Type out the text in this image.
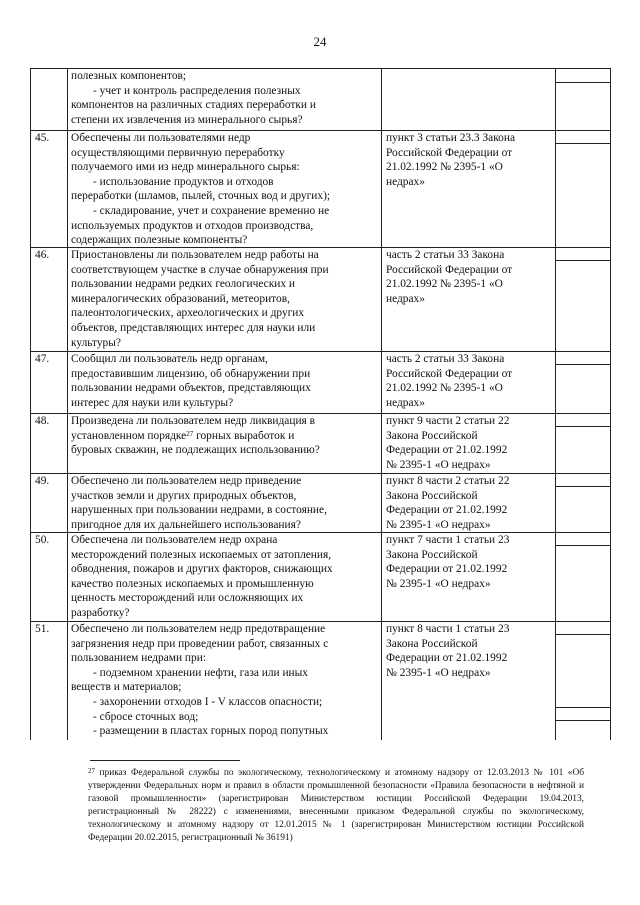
24
полезных компонентов;
- учет и контроль распределения полезных
компонентов на различных стадиях переработки и
степени их извлечения из минерального сырья?
45. Обеспечены ли пользователями недр
осуществляющими первичную переработку
получаемого ими из недр минерального сырья:
- использование продуктов и отходов
переработки (шламов, пылей, сточных вод и других);
- складирование, учет и сохранение временно не
используемых продуктов и отходов производства,
содержащих полезные компоненты?
пункт 3 статьи 23.3 Закона
Российской Федерации от
21.02.1992 № 2395-1 «О
недрах»
46. Приостановлены ли пользователем недр работы на
соответствующем участке в случае обнаружения при
пользовании недрами редких геологических и
минералогических образований, метеоритов,
палеонтологических, археологических и других
объектов, представляющих интерес для науки или
культуры?
часть 2 статьи 33 Закона
Российской Федерации от
21.02.1992 № 2395-1 «О
недрах»
47. Сообщил ли пользователь недр органам,
предоставившим лицензию, об обнаружении при
пользовании недрами объектов, представляющих
интерес для науки или культуры?
часть 2 статьи 33 Закона
Российской Федерации от
21.02.1992 № 2395-1 «О
недрах»
48. Произведена ли пользователем недр ликвидация в
установленном порядке$^{27}$ горных выработок и
буровых скважин, не подлежащих использованию?
пункт 9 части 2 статьи 22
Закона Российской
Федерации от 21.02.1992
№ 2395-1 «О недрах»
49. Обеспечено ли пользователем недр приведение
участков земли и других природных объектов,
нарушенных при пользовании недрами, в состояние,
пригодное для их дальнейшего использования?
пункт 8 части 2 статьи 22
Закона Российской
Федерации от 21.02.1992
№ 2395-1 «О недрах»
50. Обеспечена ли пользователем недр охрана
месторождений полезных ископаемых от затопления,
обводнения, пожаров и других факторов, снижающих
качество полезных ископаемых и промышленную
ценность месторождений или осложняющих их
разработку?
пункт 7 части 1 статьи 23
Закона Российской
Федерации от 21.02.1992
№ 2395-1 «О недрах»
51. Обеспечено ли пользователем недр предотвращение
загрязнения недр при проведении работ, связанных с
пользованием недрами при:
- подземном хранении нефти, газа или иных
веществ и материалов;
- захоронении отходов I - V классов опасности;
- сбросе сточных вод;
- размещении в пластах горных пород попутных
пункт 8 части 1 статьи 23
Закона Российской
Федерации от 21.02.1992
№ 2395-1 «О недрах»
$^{27}$ приказ Федеральной службы по экологическому, технологическому и атомному надзору от 12.03.2013 № 101 «Об утверждении Федеральных норм и правил в области промышленной безопасности «Правила безопасности в нефтяной и газовой промышленности» (зарегистрирован Министерством юстиции Российской Федерации 19.04.2013, регистрационный № 28222) с изменениями, внесенными приказом Федеральной службы по экологическому, технологическому и атомному надзору от 12.01.2015 № 1 (зарегистрирован Министерством юстиции Российской Федерации 20.02.2015, регистрационный № 36191)
